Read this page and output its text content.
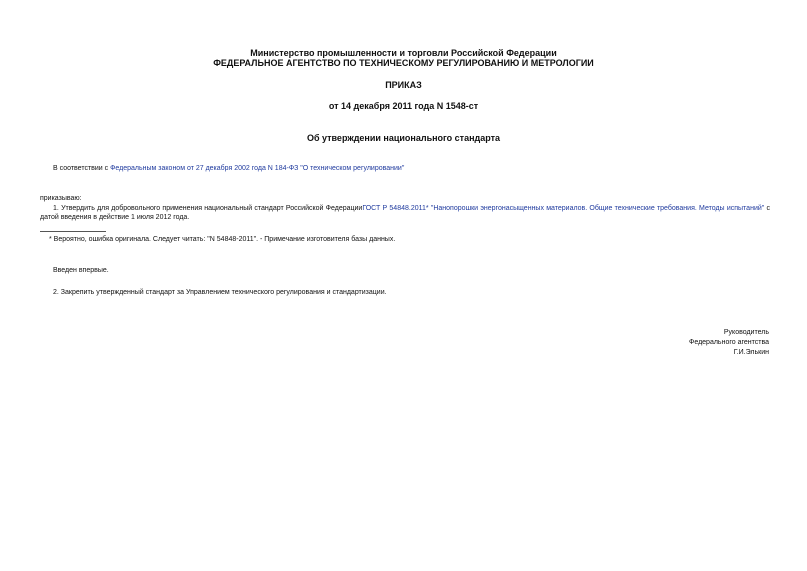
Министерство промышленности и торговли Российской Федерации
ФЕДЕРАЛЬНОЕ АГЕНТСТВО ПО ТЕХНИЧЕСКОМУ РЕГУЛИРОВАНИЮ И МЕТРОЛОГИИ
ПРИКАЗ
от 14 декабря 2011 года N 1548-ст
Об утверждении национального стандарта
В соответствии с Федеральным законом от 27 декабря 2002 года N 184-ФЗ "О техническом регулировании"
приказываю:
1. Утвердить для добровольного применения национальный стандарт Российской ФедерацииГОСТ Р 54848.2011* "Нанопорошки энергонасыщенных материалов. Общие технические требования. Методы испытаний" с датой введения в действие 1 июля 2012 года.
* Вероятно, ошибка оригинала. Следует читать: "N 54848-2011". - Примечание изготовителя базы данных.
Введен впервые.
2. Закрепить утвержденный стандарт за Управлением технического регулирования и стандартизации.
Руководитель
Федерального агентства
Г.И.Элькин
